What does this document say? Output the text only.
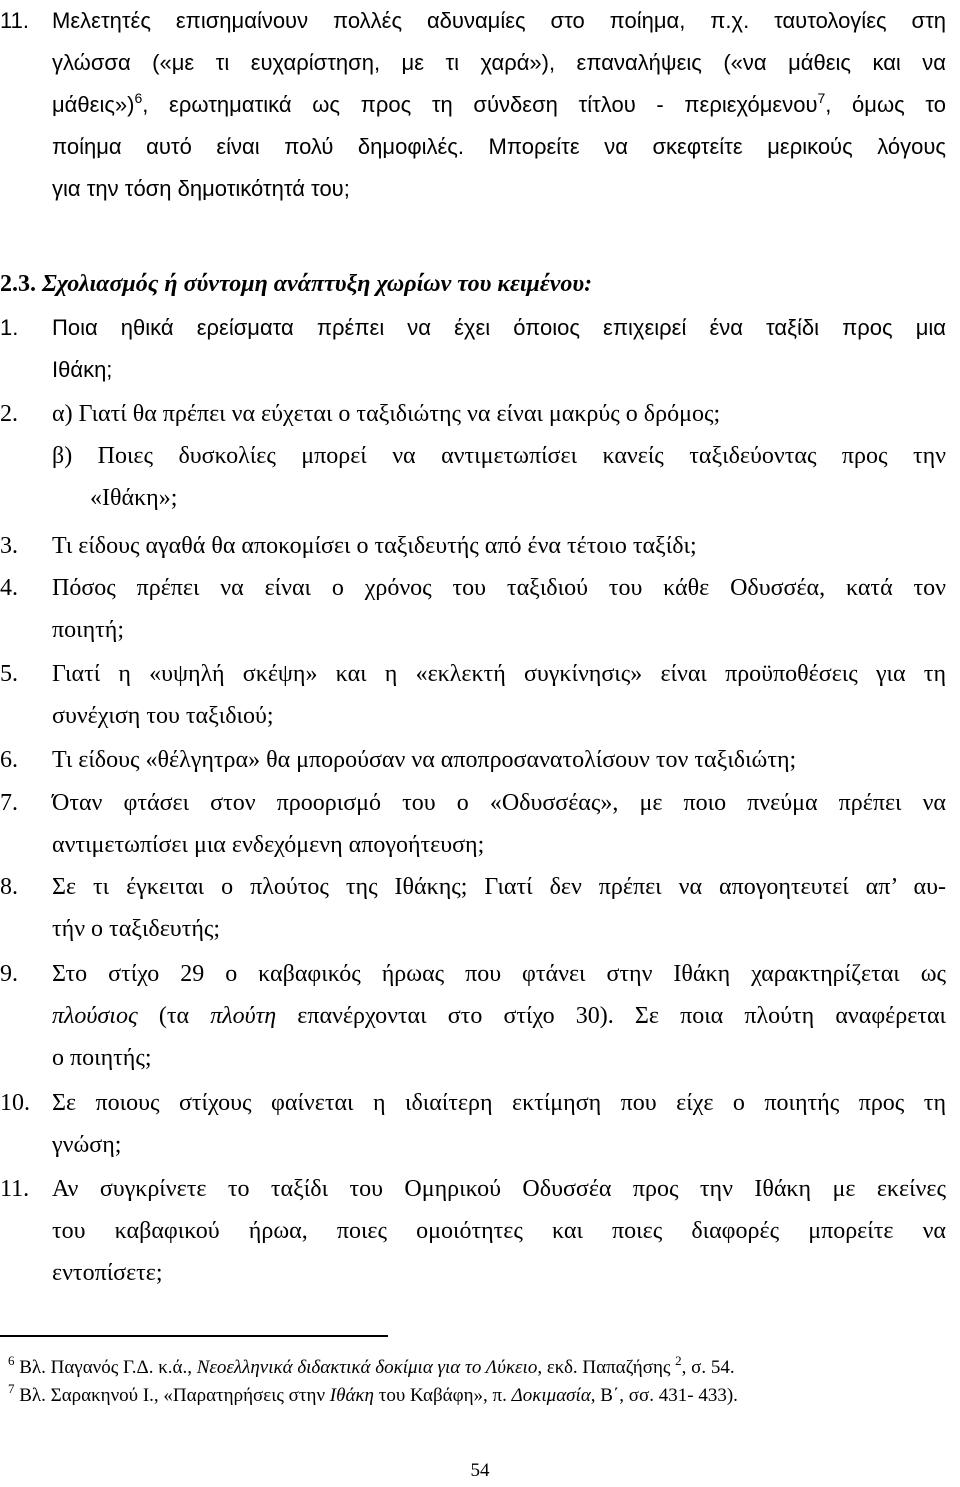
11. Μελετητές επισημαίνουν πολλές αδυναμίες στο ποίημα, π.χ. ταυτολογίες στη
γλώσσα («με τι ευχαρίστηση, με τι χαρά»), επαναλήψεις («να μάθεις και να
μάθεις»)$^6$, ερωτηματικά ως προς τη σύνδεση τίτλου - περιεχόμενου$^7$, όμως το
ποίημα αυτό είναι πολύ δημοφιλές. Μπορείτε να σκεφτείτε μερικούς λόγους
για την τόση δημοτικότητά του;
2.3. Σχολιασμός ή σύντομη ανάπτυξη χωρίων του κειμένου:
1. Ποια ηθικά ερείσματα πρέπει να έχει όποιος επιχειρεί ένα ταξίδι προς μια
Ιθάκη;
2. α) Γιατί θα πρέπει να εύχεται ο ταξιδιώτης να είναι μακρύς ο δρόμος;
β) Ποιες δυσκολίες μπορεί να αντιμετωπίσει κανείς ταξιδεύοντας προς την
«Ιθάκη»;
3. Τι είδους αγαθά θα αποκομίσει ο ταξιδευτής από ένα τέτοιο ταξίδι;
4. Πόσος πρέπει να είναι ο χρόνος του ταξιδιού του κάθε Οδυσσέα, κατά τον
ποιητή;
5. Γιατί η «υψηλή σκέψη» και η «εκλεκτή συγκίνησις» είναι προϋποθέσεις για τη
συνέχιση του ταξιδιού;
6. Τι είδους «θέλγητρα» θα μπορούσαν να αποπροσανατολίσουν τον ταξιδιώτη;
7. Όταν φτάσει στον προορισμό του ο «Οδυσσέας», με ποιο πνεύμα πρέπει να
αντιμετωπίσει μια ενδεχόμενη απογοήτευση;
8. Σε τι έγκειται ο πλούτος της Ιθάκης; Γιατί δεν πρέπει να απογοητευτεί απ’ αυ-
τήν ο ταξιδευτής;
9. Στο στίχο 29 ο καβαφικός ήρωας που φτάνει στην Ιθάκη χαρακτηρίζεται ως
πλούσιος (τα πλούτη επανέρχονται στο στίχο 30). Σε ποια πλούτη αναφέρεται
ο ποιητής;
10. Σε ποιους στίχους φαίνεται η ιδιαίτερη εκτίμηση που είχε ο ποιητής προς τη
γνώση;
11. Αν συγκρίνετε το ταξίδι του Ομηρικού Οδυσσέα προς την Ιθάκη με εκείνες
του καβαφικού ήρωα, ποιες ομοιότητες και ποιες διαφορές μπορείτε να
εντοπίσετε;
$^6$ Βλ. Παγανός Γ.Δ. κ.ά., Νεοελληνικά διδακτικά δοκίμια για το Λύκειο, εκδ. Παπαζήσης $^2$, σ. 54.
$^7$ Βλ. Σαρακηνού Ι., «Παρατηρήσεις στην Ιθάκη του Καβάφη», π. Δοκιμασία, Β΄, σσ. 431- 433).
54
